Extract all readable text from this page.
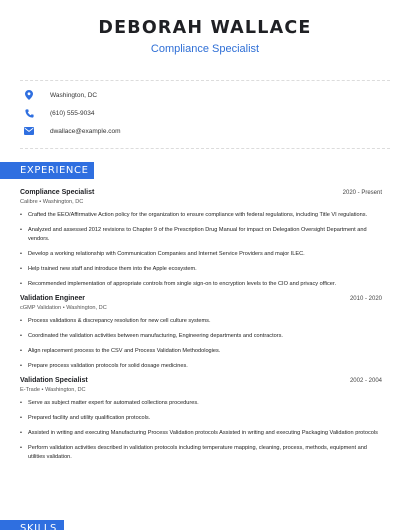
DEBORAH WALLACE
Compliance Specialist
Washington, DC
(610) 555-9034
dwallace@example.com
EXPERIENCE
Compliance Specialist	2020 - Present
Calibre • Washington, DC
• Crafted the EEO/Affirmative Action policy for the organization to ensure compliance with federal regulations, including Title VI regulations.
• Analyzed and assessed 2012 revisions to Chapter 9 of the Prescription Drug Manual for impact on Delegation Oversight Department and vendors.
• Develop a working relationship with Communication Companies and Internet Service Providers and major ILEC.
• Help trained new staff and introduce them into the Apple ecosystem.
• Recommended implementation of appropriate controls from single sign-on to encryption levels to the CIO and privacy officer.
Validation Engineer	2010 - 2020
cGMP Validation • Washington, DC
• Process validations & discrepancy resolution for new cell culture systems.
• Coordinated the validation activities between manufacturing, Engineering departments and contractors.
• Align replacement process to the CSV and Process Validation Methodologies.
• Prepare process validation protocols for solid dosage medicines.
Validation Specialist	2002 - 2004
E-Trade • Washington, DC
• Serve as subject matter expert for automated collections procedures.
• Prepared facility and utility qualification protocols.
• Assisted in writing and executing Manufacturing Process Validation protocols Assisted in writing and executing Packaging Validation protocols
• Perform validation activities described in validation protocols including temperature mapping, cleaning, process, methods, equipment and utilities validation.
SKILLS
